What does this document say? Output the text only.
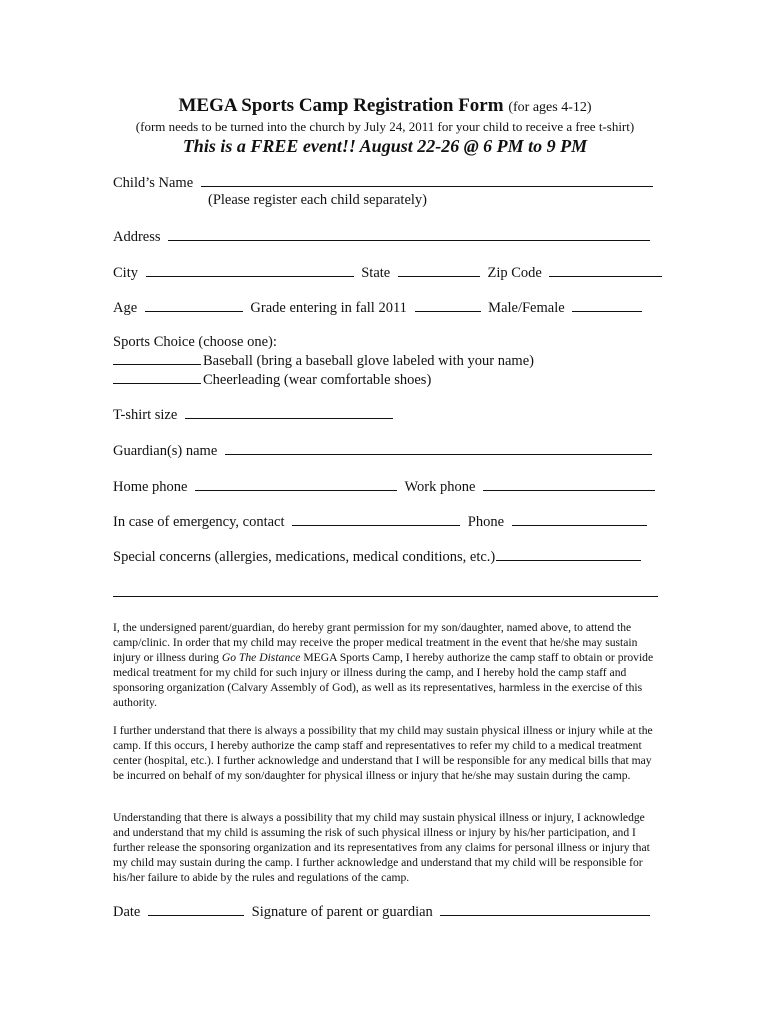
MEGA Sports Camp Registration Form (for ages 4-12)
(form needs to be turned into the church by July 24, 2011 for your child to receive a free t-shirt)
This is a FREE event!! August 22-26 @ 6 PM to 9 PM
Child’s Name
(Please register each child separately)
Address
City	State	Zip Code
Age	Grade entering in fall 2011	Male/Female
Sports Choice (choose one):
Baseball (bring a baseball glove labeled with your name)
Cheerleading (wear comfortable shoes)
T-shirt size
Guardian(s) name
Home phone	Work phone
In case of emergency, contact	Phone
Special concerns (allergies, medications, medical conditions, etc.)

I, the undersigned parent/guardian, do hereby grant permission for my son/daughter, named above, to attend the camp/clinic. In order that my child may receive the proper medical treatment in the event that he/she may sustain injury or illness during Go The Distance MEGA Sports Camp, I hereby authorize the camp staff to obtain or provide medical treatment for my child for such injury or illness during the camp, and I hereby hold the camp staff and sponsoring organization (Calvary Assembly of God), as well as its representatives, harmless in the exercise of this authority.

I further understand that there is always a possibility that my child may sustain physical illness or injury while at the camp. If this occurs, I hereby authorize the camp staff and representatives to refer my child to a medical treatment center (hospital, etc.). I further acknowledge and understand that I will be responsible for any medical bills that may be incurred on behalf of my son/daughter for physical illness or injury that he/she may sustain during the camp.

Understanding that there is always a possibility that my child may sustain physical illness or injury, I acknowledge and understand that my child is assuming the risk of such physical illness or injury by his/her participation, and I further release the sponsoring organization and its representatives from any claims for personal illness or injury that my child may sustain during the camp. I further acknowledge and understand that my child will be responsible for his/her failure to abide by the rules and regulations of the camp.

Date	Signature of parent or guardian
